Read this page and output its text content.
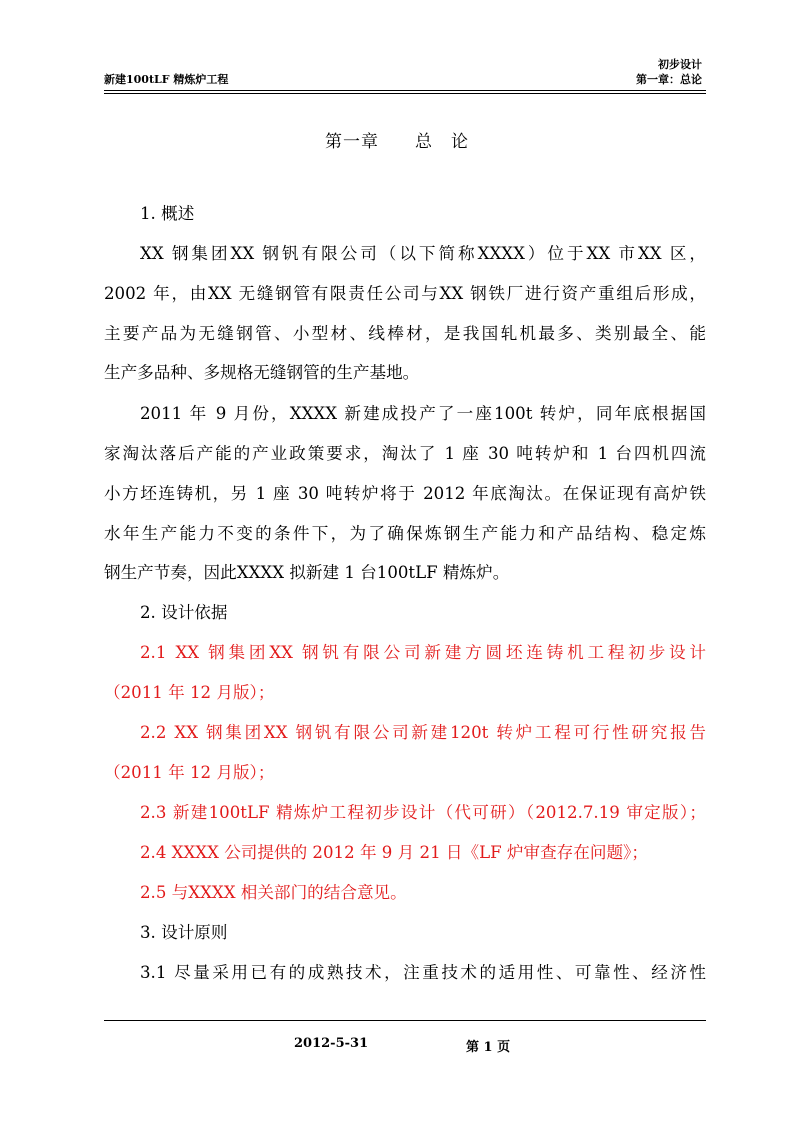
初步设计
新建100tLF 精炼炉工程	第一章：总论
第一章　　总　论
1. 概述
XX 钢集团XX 钢钒有限公司（以下简称XXXX）位于XX 市XX 区，
2002 年，由XX 无缝钢管有限责任公司与XX 钢铁厂进行资产重组后形成，
主要产品为无缝钢管、小型材、线棒材，是我国轧机最多、类别最全、能
生产多品种、多规格无缝钢管的生产基地。
2011 年 9 月份，XXXX 新建成投产了一座100t 转炉，同年底根据国
家淘汰落后产能的产业政策要求，淘汰了 1 座 30 吨转炉和 1 台四机四流
小方坯连铸机，另 1 座 30 吨转炉将于 2012 年底淘汰。在保证现有高炉铁
水年生产能力不变的条件下，为了确保炼钢生产能力和产品结构、稳定炼
钢生产节奏，因此XXXX 拟新建 1 台100tLF 精炼炉。
2. 设计依据
2.1 XX 钢集团XX 钢钒有限公司新建方圆坯连铸机工程初步设计
（2011 年 12 月版）；
2.2 XX 钢集团XX 钢钒有限公司新建120t 转炉工程可行性研究报告
（2011 年 12 月版）；
2.3 新建100tLF 精炼炉工程初步设计（代可研）（2012.7.19 审定版）；
2.4 XXXX 公司提供的 2012 年 9 月 21 日《LF 炉审查存在问题》；
2.5 与XXXX 相关部门的结合意见。
3. 设计原则
3.1 尽量采用已有的成熟技术，注重技术的适用性、可靠性、经济性
2012-5-31	第 1 页
